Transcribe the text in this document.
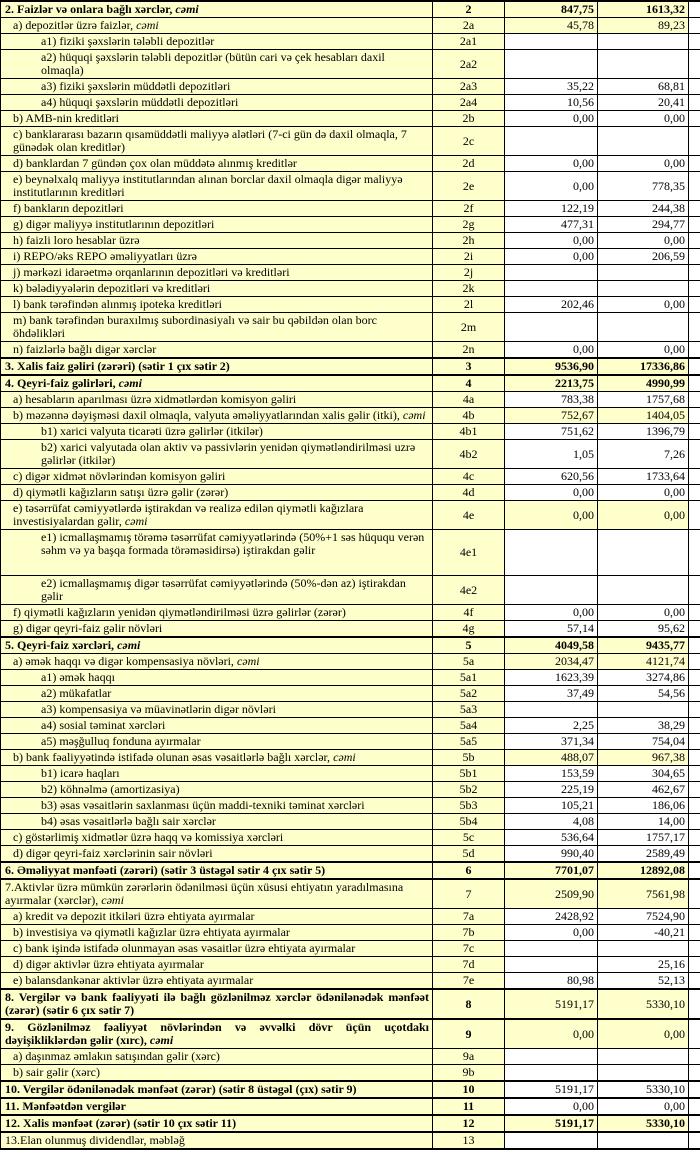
2. Faizlər və onlara bağlı xərclər, cəmi	2	847,75	1613,32	
a) depozitlər üzrə faizlər, cəmi	2a	45,78	89,23	
a1) fiziki şəxslərin tələbli depozitlər	2a1			
a2) hüquqi şəxslərin tələbli depozitlər (bütün cari və çek hesabları daxil olmaqla)	2a2			
a3) fiziki şəxslərin müddətli depozitləri	2a3	35,22	68,81	
a4) hüquqi şəxslərin müddətli depozitləri	2a4	10,56	20,41	
b) AMB-nin kreditləri	2b	0,00	0,00	
c) banklararası bazarın qısamüddətli maliyyə alətləri (7-ci gün də daxil olmaqla, 7 günədək olan kreditlər)	2c			
d) banklardan 7 gündən çox olan müddətə alınmış kreditlər	2d	0,00	0,00	
e) beynəlxalq maliyyə institutlarından alınan borclar daxil olmaqla digər maliyyə institutlarının kreditləri	2e	0,00	778,35	
f) bankların depozitləri	2f	122,19	244,38	
g) digər maliyyə institutlarının depozitləri	2g	477,31	294,77	
h) faizli loro hesablar üzrə	2h	0,00	0,00	
i) REPO/əks REPO əməliyyatları üzrə	2i	0,00	206,59	
j) mərkəzi idarəetmə orqanlarının depozitləri və kreditləri	2j			
k) bələdiyyələrin depozitləri və kreditləri	2k			
l) bank tərəfindən alınmış ipoteka kreditləri	2l	202,46	0,00	
m) bank tərəfindən buraxılmış subordinasiyalı və sair bu qəbildən olan borc öhdəlikləri	2m			
n) faizlərlə bağlı digər xərclər	2n	0,00	0,00	
3. Xalis faiz gəliri (zərəri) (sətir 1 çıx sətir 2)	3	9536,90	17336,86	
4. Qeyri-faiz gəlirləri, cəmi	4	2213,75	4990,99	
a) hesabların aparılması üzrə xidmətlərdən komisyon gəliri	4a	783,38	1757,68	
b) məzənnə dəyişməsi daxil olmaqla, valyuta əməliyyatlarından xalis gəlir (itki), cəmi	4b	752,67	1404,05	
b1) xarici valyuta ticarəti üzrə gəlirlər (itkilər)	4b1	751,62	1396,79	
b2) xarici valyutada olan aktiv və passivlərin yenidən qiymətləndirilməsi uzrə gəlirlər (itkilər)	4b2	1,05	7,26	
c) digər xidmət növlərindən komisyon gəliri	4c	620,56	1733,64	
d) qiymətli kağızların satışı üzrə gəlir (zərər)	4d	0,00	0,00	
e) təsərrüfat cəmiyyətlərdə iştirakdan və realizə edilən qiymətli kağızlara investisiyalardan gəlir, cəmi	4e	0,00	0,00	
e1) icmallaşmamış törəmə təsərrüfat cəmiyyətlərində (50%+1 səs hüququ verən səhm və ya başqa formada törəməsidirsə) iştirakdan gəlir	4e1			
e2) icmallaşmamış digər təsərrüfat cəmiyyətlərində (50%-dən az) iştirakdan gəlir	4e2			
f) qiymətli kağızların yenidən qiymətləndirilməsi üzrə gəlirlər (zərər)	4f	0,00	0,00	
g) digər qeyri-faiz gəlir növləri	4g	57,14	95,62	
5. Qeyri-faiz xərcləri, cəmi	5	4049,58	9435,77	
a) əmək haqqı və digər kompensasiya növləri, cəmi	5a	2034,47	4121,74	
a1) əmək haqqı	5a1	1623,39	3274,86	
a2) mükafatlar	5a2	37,49	54,56	
a3) kompensasiya və müavinətlərin digər növləri	5a3			
a4) sosial təminat xərcləri	5a4	2,25	38,29	
a5) məşğulluq fonduna ayırmalar	5a5	371,34	754,04	
b) bank fəaliyyətində istifadə olunan əsas vəsaitlərlə bağlı xərclər, cəmi	5b	488,07	967,38	
b1) icarə haqları	5b1	153,59	304,65	
b2) köhnəlmə (amortizasiya)	5b2	225,19	462,67	
b3) əsas vəsaitlərin saxlanması üçün maddi-texniki təminat xərcləri	5b3	105,21	186,06	
b4) əsas vəsaitlərlə bağlı sair xərclər	5b4	4,08	14,00	
c) göstərlimiş xidmətlər üzrə haqq və komissiya xərcləri	5c	536,64	1757,17	
d) digər qeyri-faiz xərclərinin sair növləri	5d	990,40	2589,49	
6. Əməliyyat mənfəəti (zərəri) (sətir 3 üstəgəl sətir 4 çıx sətir 5)	6	7701,07	12892,08	
7.Aktivlər üzrə mümkün zərərlərin ödənilməsi üçün xüsusi ehtiyatın yaradılmasına ayırmalar (xərclər), cəmi	7	2509,90	7561,98	
a) kredit və depozit itkiləri üzrə ehtiyata ayırmalar	7a	2428,92	7524,90	
b) investisiya və qiymətli kağızlar üzrə ehtiyata ayırmalar	7b	0,00	-40,21	
c) bank işində istifadə olunmayan əsas vəsaitlər üzrə ehtiyata ayırmalar	7c			
d) digər aktivlər üzrə ehtiyata ayırmalar	7d		25,16	
e) balansdankənar aktivlər üzrə ehtiyata ayırmalar	7e	80,98	52,13	
8. Vergilər və bank fəaliyyəti ilə bağlı gözlənilməz xərclər ödənilənədək mənfəət (zərər) (sətir 6 çıx sətir 7)	8	5191,17	5330,10	
9. Gözlənilməz fəaliyyət növlərindən və əvvəlki dövr üçün uçotdakı dəyişikliklərdən gəlir (xırc), cəmi	9	0,00	0,00	
a) daşınmaz əmlakın satışından gəlir (xərc)	9a			
b) sair gəlir (xərc)	9b			
10. Vergilər ödənilənədək mənfəət (zərər) (sətir 8 üstəgəl (çıx) sətir 9)	10	5191,17	5330,10	
11. Mənfəətdən vergilər	11	0,00	0,00	
12. Xalis mənfəət (zərər) (sətir 10 çıx sətir 11)	12	5191,17	5330,10	
13.Elan olunmuş dividendlər, məbləğ	13			
